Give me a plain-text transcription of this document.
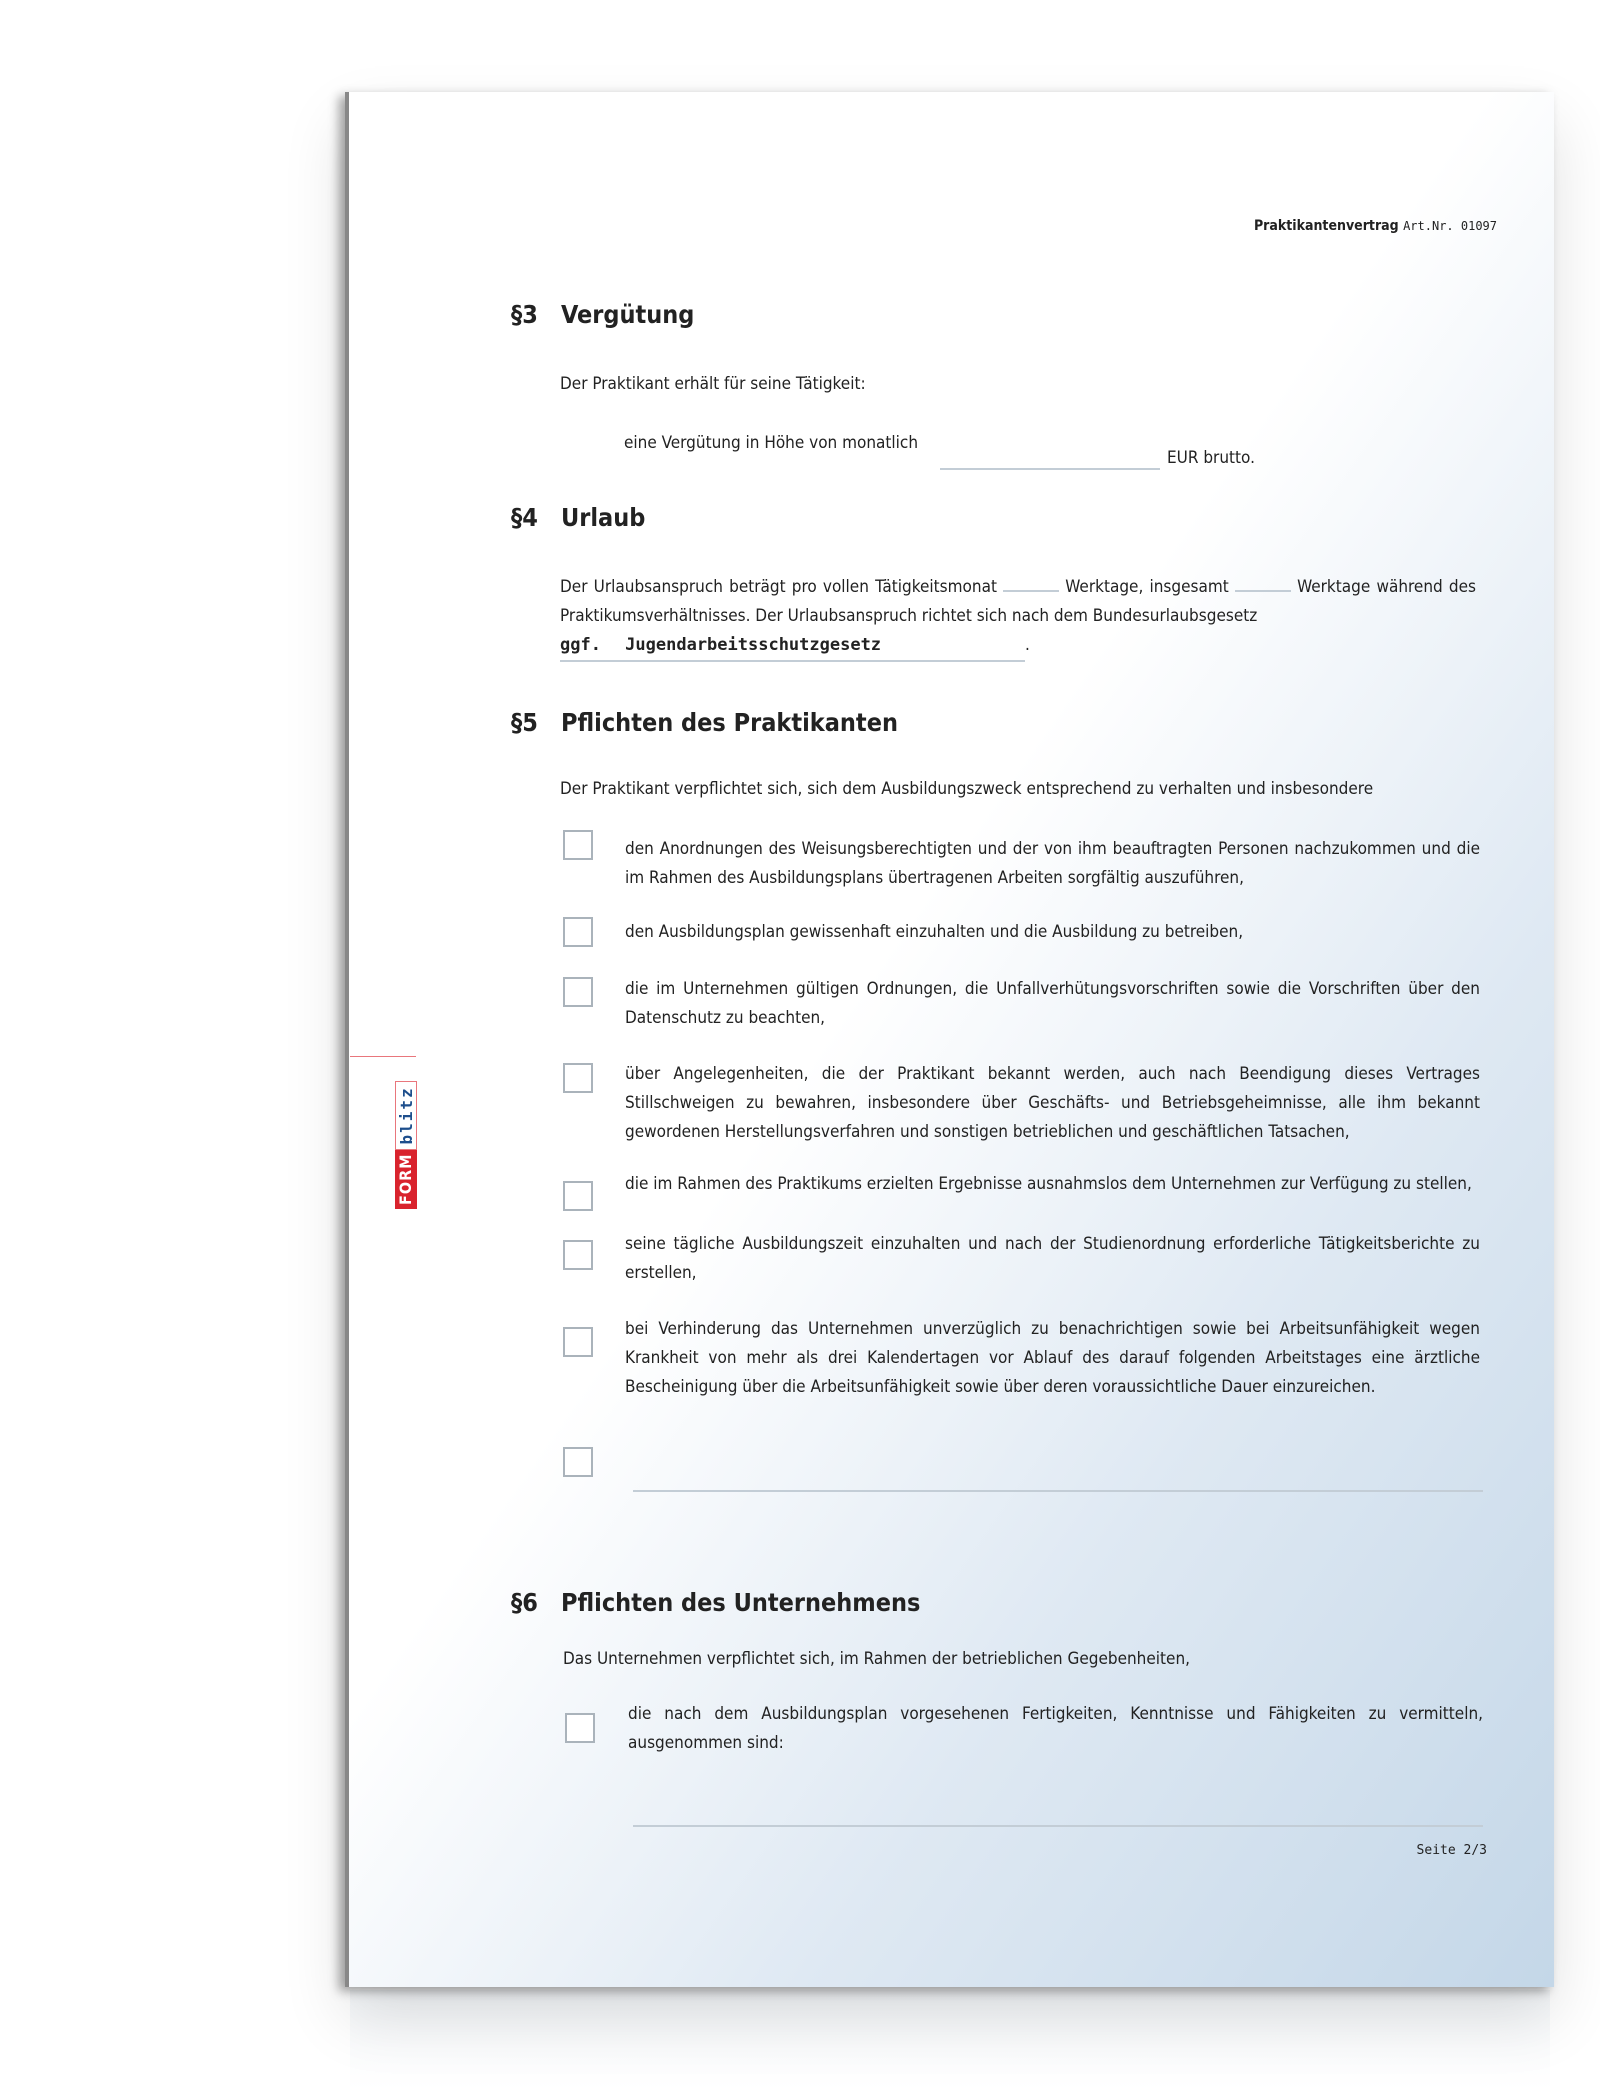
Praktikantenvertrag Art.Nr. 01097
FORM
blitz
§3 Vergütung
Der Praktikant erhält für seine Tätigkeit:
eine Vergütung in Höhe von monatlich
EUR brutto.
§4 Urlaub
Der Urlaubsanspruch beträgt pro vollen Tätigkeitsmonat	Werktage, insgesamt	Werktage während des Praktikumsverhältnisses. Der Urlaubsanspruch richtet sich nach dem Bundesurlaubsgesetz
ggf. Jugendarbeitsschutzgesetz	.
§5 Pflichten des Praktikanten
Der Praktikant verpflichtet sich, sich dem Ausbildungszweck entsprechend zu verhalten und insbesondere
den Anordnungen des Weisungsberechtigten und der von ihm beauftragten Personen nachzukommen und die im Rahmen des Ausbildungsplans übertragenen Arbeiten sorgfältig auszuführen,
den Ausbildungsplan gewissenhaft einzuhalten und die Ausbildung zu betreiben,
die im Unternehmen gültigen Ordnungen, die Unfallverhütungsvorschriften sowie die Vorschriften über den Datenschutz zu beachten,
über Angelegenheiten, die der Praktikant bekannt werden, auch nach Beendigung dieses Vertrages Stillschweigen zu bewahren, insbesondere über Geschäfts- und Betriebsgeheimnisse, alle ihm bekannt gewordenen Herstellungsverfahren und sonstigen betrieblichen und geschäftlichen Tatsachen,
die im Rahmen des Praktikums erzielten Ergebnisse ausnahmslos dem Unternehmen zur Verfügung zu stellen,
seine tägliche Ausbildungszeit einzuhalten und nach der Studienordnung erforderliche Tätigkeitsberichte zu erstellen,
bei Verhinderung das Unternehmen unverzüglich zu benachrichtigen sowie bei Arbeitsunfähigkeit wegen Krankheit von mehr als drei Kalendertagen vor Ablauf des darauf folgenden Arbeitstages eine ärztliche Bescheinigung über die Arbeitsunfähigkeit sowie über deren voraussichtliche Dauer einzureichen.
§6 Pflichten des Unternehmens
Das Unternehmen verpflichtet sich, im Rahmen der betrieblichen Gegebenheiten,
die nach dem Ausbildungsplan vorgesehenen Fertigkeiten, Kenntnisse und Fähigkeiten zu vermitteln, ausgenommen sind:
Seite 2/3
